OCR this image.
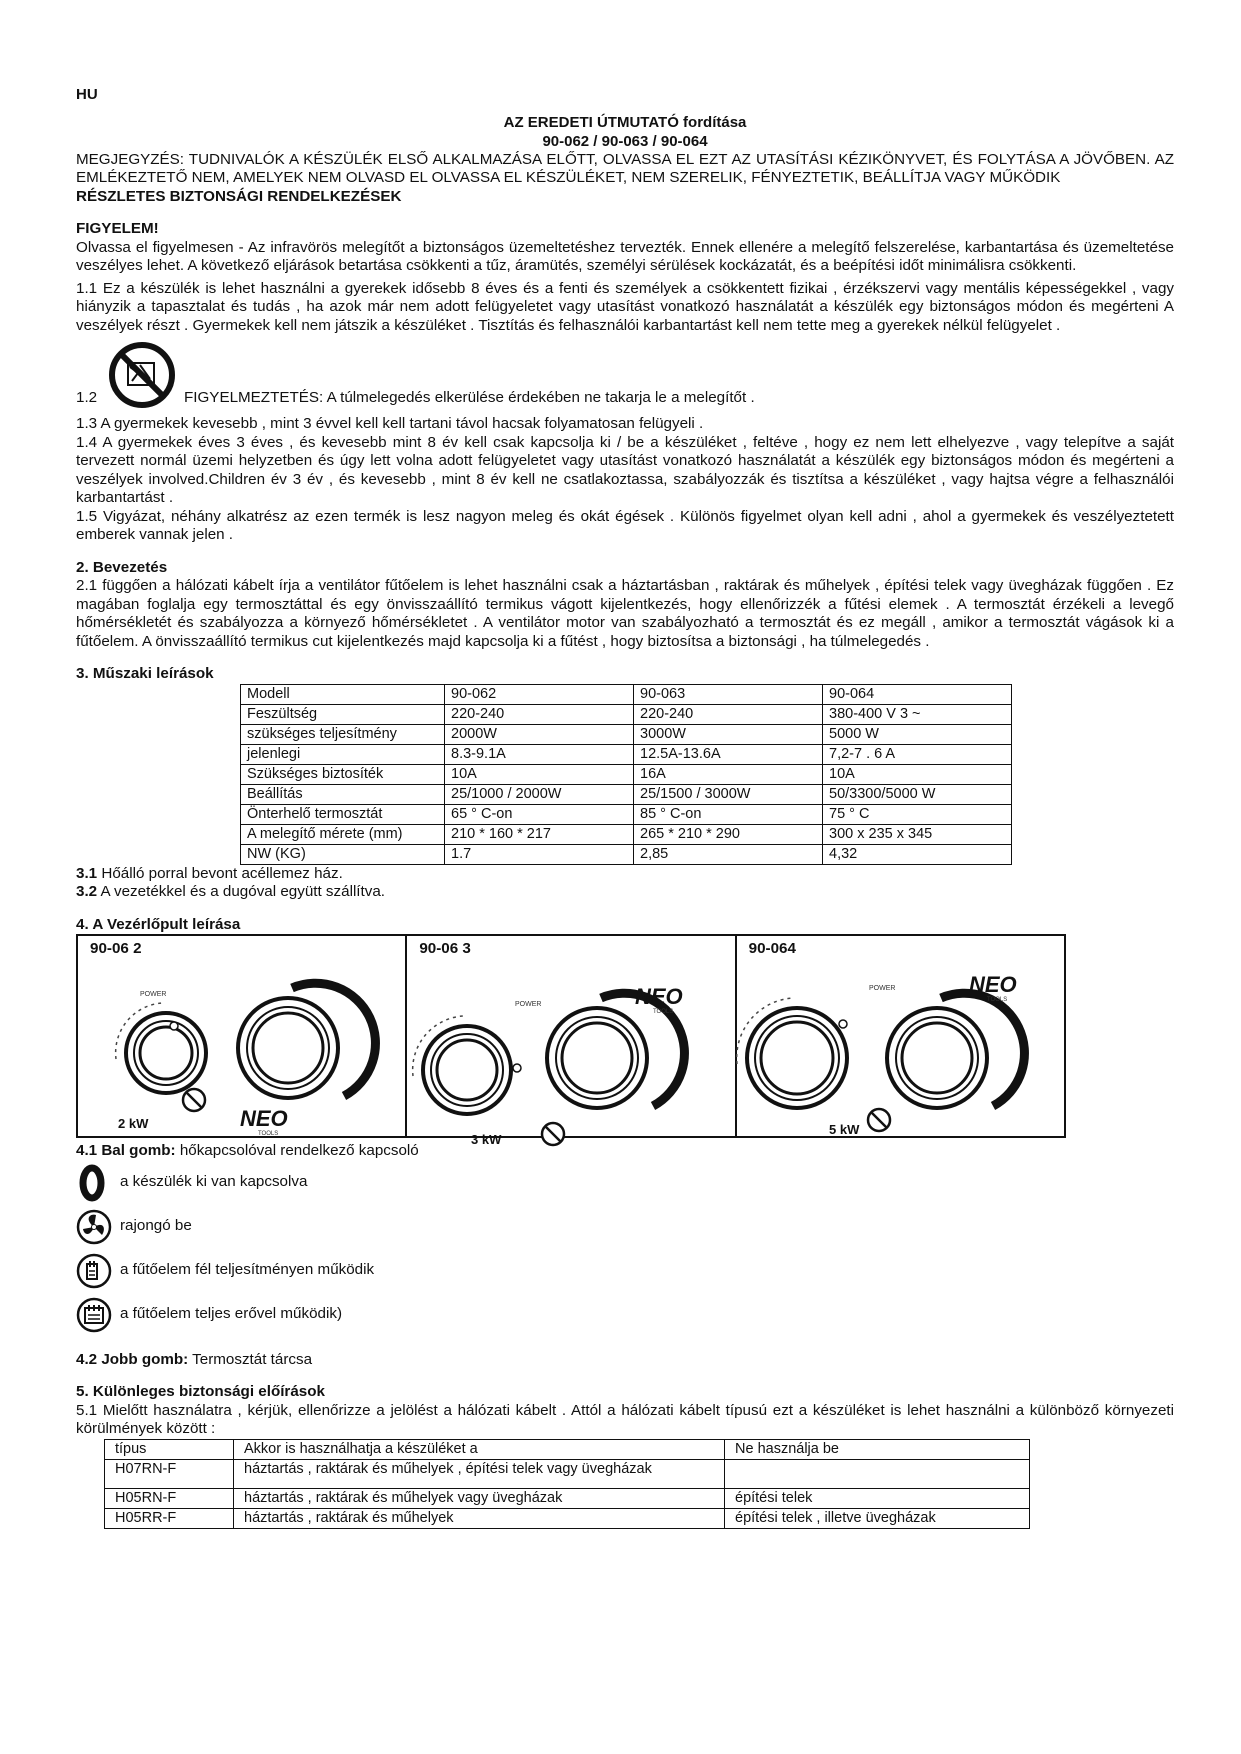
HU
AZ EREDETI ÚTMUTATÓ fordítása
90-062 / 90-063 / 90-064

MEGJEGYZÉS: TUDNIVALÓK A KÉSZÜLÉK ELSŐ ALKALMAZÁSA ELŐTT, OLVASSA EL EZT AZ UTASÍTÁSI KÉZIKÖNYVET, ÉS FOLYTÁSA A JÖVŐBEN. AZ EMLÉKEZTETŐ NEM, AMELYEK NEM OLVASD EL OLVASSA EL KÉSZÜLÉKET, NEM SZERELIK, FÉNYEZTETIK, BEÁLLÍTJA VAGY MŰKÖDIK

RÉSZLETES BIZTONSÁGI RENDELKEZÉSEK

FIGYELEM!

Olvassa el figyelmesen - Az infravörös melegítőt a biztonságos üzemeltetéshez tervezték. Ennek ellenére a melegítő felszerelése, karbantartása és üzemeltetése veszélyes lehet. A következő eljárások betartása csökkenti a tűz, áramütés, személyi sérülések kockázatát, és a beépítési időt minimálisra csökkenti.

1.1 Ez a készülék is lehet használni a gyerekek idősebb 8 éves és a fenti és személyek a csökkentett fizikai , érzékszervi vagy mentális képességekkel , vagy hiányzik a tapasztalat és tudás , ha azok már nem adott felügyeletet vagy utasítást vonatkozó használatát a készülék egy biztonságos módon és megérteni A veszélyek részt . Gyermekek kell nem játszik a készüléket . Tisztítás és felhasználói karbantartást kell nem tette meg a gyerekek nélkül felügyelet .

1.2	FIGYELMEZTETÉS: A túlmelegedés elkerülése érdekében ne takarja le a melegítőt .

1.3 A gyermekek kevesebb , mint 3 évvel kell kell tartani távol hacsak folyamatosan felügyeli .

1.4 A gyermekek éves 3 éves , és kevesebb mint 8 év kell csak kapcsolja ki / be a készüléket , feltéve , hogy ez nem lett elhelyezve , vagy telepítve a saját tervezett normál üzemi helyzetben és úgy lett volna adott felügyeletet vagy utasítást vonatkozó használatát a készülék egy biztonságos módon és megérteni a veszélyek involved.Children év 3 év , és kevesebb , mint 8 év kell ne csatlakoztassa, szabályozzák és tisztítsa a készüléket , vagy hajtsa végre a felhasználói karbantartást .

1.5 Vigyázat, néhány alkatrész az ezen termék is lesz nagyon meleg és okát égések . Különös figyelmet olyan kell adni , ahol a gyermekek és veszélyeztetett emberek vannak jelen .

2. Bevezetés

2.1 függően a hálózati kábelt írja a ventilátor fűtőelem is lehet használni csak a háztartásban , raktárak és műhelyek , építési telek vagy üvegházak függően . Ez magában foglalja egy termosztáttal és egy önvisszaállító termikus vágott kijelentkezés, hogy ellenőrizzék a fűtési elemek . A termosztát érzékeli a levegő hőmérsékletét és szabályozza a környező hőmérsékletet . A ventilátor motor van szabályozható a termosztát és ez megáll , amikor a termosztát vágások ki a fűtőelem. A önvisszaállító termikus cut kijelentkezés majd kapcsolja ki a fűtést , hogy biztosítsa a biztonsági , ha túlmelegedés .

3. Műszaki leírások

Modell	90-062	90-063	90-064
Feszültség	220-240	220-240	380-400 V 3 ~
szükséges teljesítmény	2000W	3000W	5000 W
jelenlegi	8.3-9.1A	12.5A-13.6A	7,2-7 . 6 A
Szükséges biztosíték	10A	16A	10A
Beállítás	25/1000 / 2000W	25/1500 / 3000W	50/3300/5000 W
Önterhelő termosztát	65 ° C-on	85 ° C-on	75 ° C
A melegítő mérete (mm)	210 * 160 * 217	265 * 210 * 290	300 x 235 x 345
NW (KG)	1.7	2,85	4,32

3.1 Hőálló porral bevont acéllemez ház.

3.2 A vezetékkel és a dugóval együtt szállítva.

4. A Vezérlőpult leírása

90-06 2
POWER
2 kW	NEO
TOOLS
90-06 3
POWER
3 kW
NEO
TOOLS
90-064
POWER
5 kW
NEO
TOOLS

4.1 Bal gomb: hőkapcsolóval rendelkező kapcsoló

a készülék ki van kapcsolva
rajongó be
a fűtőelem fél teljesítményen működik
a fűtőelem teljes erővel működik)

4.2 Jobb gomb: Termosztát tárcsa

5. Különleges biztonsági előírások

5.1 Mielőtt használatra , kérjük, ellenőrizze a jelölést a hálózati kábelt . Attól a hálózati kábelt típusú ezt a készüléket is lehet használni a különböző környezeti körülmények között :

típus	Akkor is használhatja a készüléket a	Ne használja be
H07RN-F	háztartás , raktárak és műhelyek , építési telek vagy üvegházak	
H05RN-F	háztartás , raktárak és műhelyek vagy üvegházak	építési telek
H05RR-F	háztartás , raktárak és műhelyek	építési telek , illetve üvegházak
